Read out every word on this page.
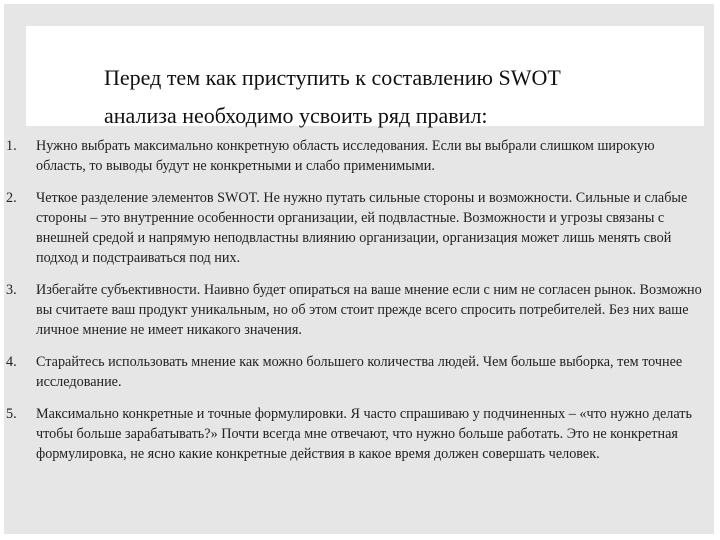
Перед тем как приступить к составлению SWOT
анализа необходимо усвоить ряд правил:
1. Нужно выбрать максимально конкретную область исследования. Если вы выбрали слишком широкую область, то выводы будут не конкретными и слабо применимыми.
2. Четкое разделение элементов SWOT. Не нужно путать сильные стороны и возможности. Сильные и слабые стороны – это внутренние особенности организации, ей подвластные. Возможности и угрозы связаны с внешней средой и напрямую неподвластны влиянию организации, организация может лишь менять свой подход и подстраиваться под них.
3. Избегайте субъективности. Наивно будет опираться на ваше мнение если с ним не согласен рынок. Возможно вы считаете ваш продукт уникальным, но об этом стоит прежде всего спросить потребителей. Без них ваше личное мнение не имеет никакого значения.
4. Старайтесь использовать мнение как можно большего количества людей. Чем больше выборка, тем точнее исследование.
5. Максимально конкретные и точные формулировки. Я часто спрашиваю у подчиненных – «что нужно делать чтобы больше зарабатывать?» Почти всегда мне отвечают, что нужно больше работать. Это не конкретная формулировка, не ясно какие конкретные действия в какое время должен совершать человек.
